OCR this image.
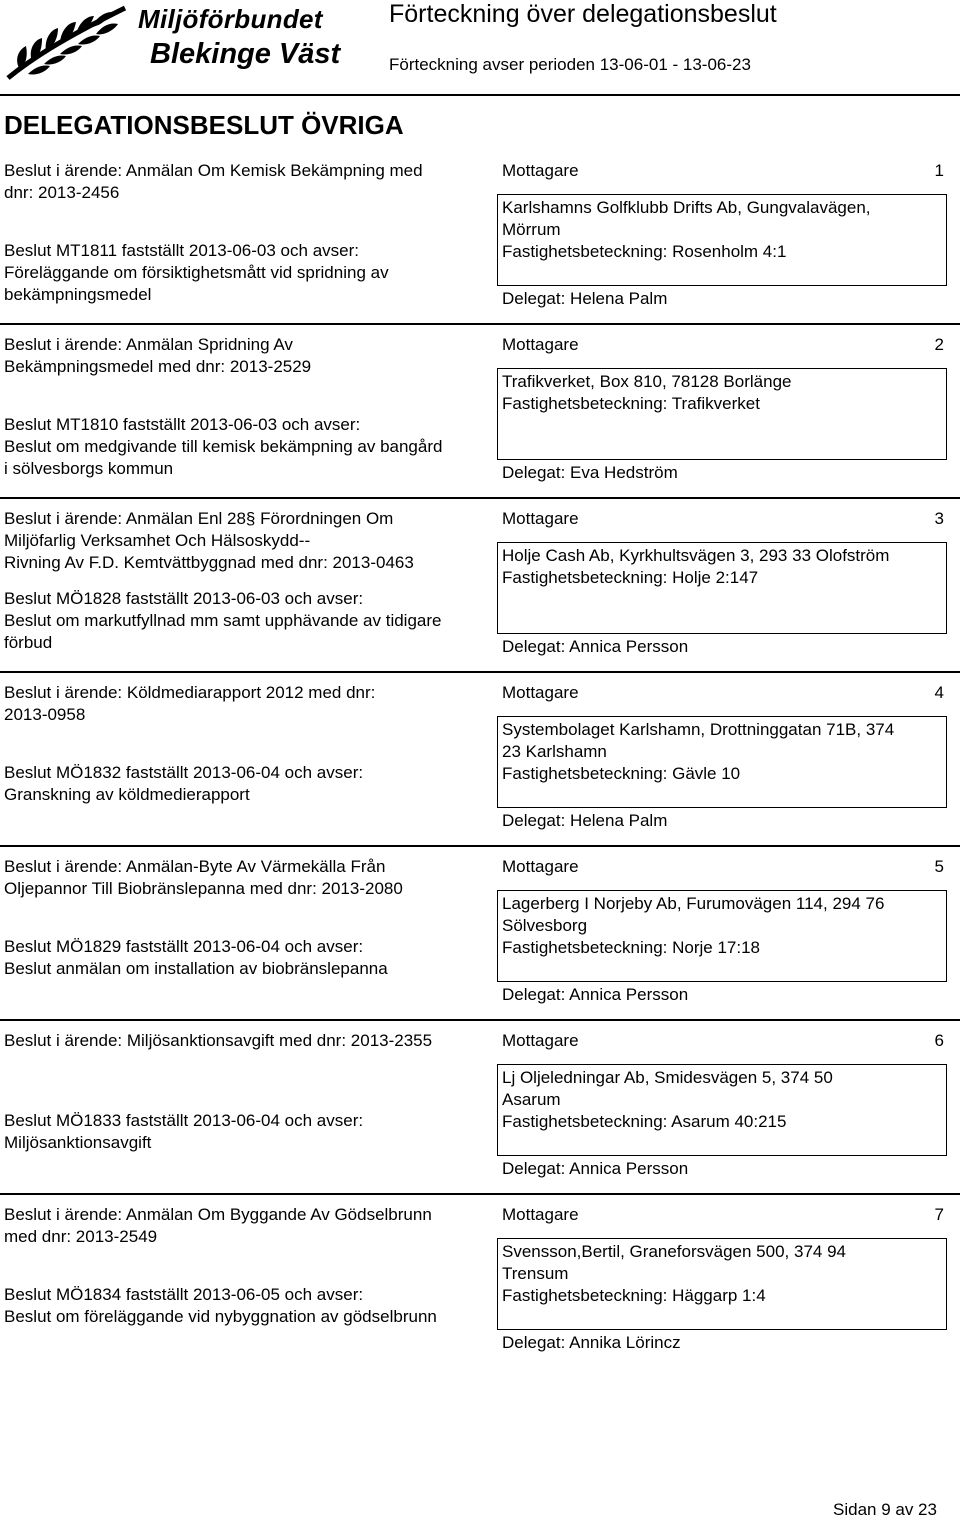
Miljöförbundet
Blekinge Väst
Förteckning över delegationsbeslut
Förteckning avser perioden 13-06-01 - 13-06-23
DELEGATIONSBESLUT ÖVRIGA
Beslut i ärende: Anmälan Om Kemisk Bekämpning med
dnr: 2013-2456
Beslut MT1811 fastställt 2013-06-03 och avser:
Föreläggande om försiktighetsmått vid spridning av
bekämpningsmedel
Mottagare	1
Karlshamns Golfklubb Drifts Ab, Gungvalavägen,
Mörrum
Fastighetsbeteckning: Rosenholm 4:1
Delegat: Helena Palm
Beslut i ärende: Anmälan Spridning Av
Bekämpningsmedel med dnr: 2013-2529
Beslut MT1810 fastställt 2013-06-03 och avser:
Beslut om medgivande till kemisk bekämpning av bangård
i sölvesborgs kommun
Mottagare	2
Trafikverket, Box 810, 78128 Borlänge
Fastighetsbeteckning: Trafikverket
Delegat: Eva Hedström
Beslut i ärende: Anmälan Enl 28§ Förordningen Om
Miljöfarlig Verksamhet Och Hälsoskydd--
Rivning Av F.D. Kemtvättbyggnad med dnr: 2013-0463
Beslut MÖ1828 fastställt 2013-06-03 och avser:
Beslut om markutfyllnad mm samt upphävande av tidigare
förbud
Mottagare	3
Holje Cash Ab, Kyrkhultsvägen 3, 293 33 Olofström
Fastighetsbeteckning: Holje 2:147
Delegat: Annica Persson
Beslut i ärende: Köldmediarapport 2012 med dnr:
2013-0958
Beslut MÖ1832 fastställt 2013-06-04 och avser:
Granskning av köldmedierapport
Mottagare	4
Systembolaget Karlshamn, Drottninggatan 71B, 374
23 Karlshamn
Fastighetsbeteckning: Gävle 10
Delegat: Helena Palm
Beslut i ärende: Anmälan-Byte Av Värmekälla Från
Oljepannor Till Biobränslepanna med dnr: 2013-2080
Beslut MÖ1829 fastställt 2013-06-04 och avser:
Beslut anmälan om installation av biobränslepanna
Mottagare	5
Lagerberg I Norjeby Ab, Furumovägen 114, 294 76
Sölvesborg
Fastighetsbeteckning: Norje 17:18
Delegat: Annica Persson
Beslut i ärende: Miljösanktionsavgift med dnr: 2013-2355
Beslut MÖ1833 fastställt 2013-06-04 och avser:
Miljösanktionsavgift
Mottagare	6
Lj Oljeledningar Ab, Smidesvägen 5, 374 50
Asarum
Fastighetsbeteckning: Asarum 40:215
Delegat: Annica Persson
Beslut i ärende: Anmälan Om Byggande Av Gödselbrunn
med dnr: 2013-2549
Beslut MÖ1834 fastställt 2013-06-05 och avser:
Beslut om föreläggande vid nybyggnation av gödselbrunn
Mottagare	7
Svensson,Bertil, Graneforsvägen 500, 374 94
Trensum
Fastighetsbeteckning: Häggarp 1:4
Delegat: Annika Lörincz
Sidan 9 av 23
